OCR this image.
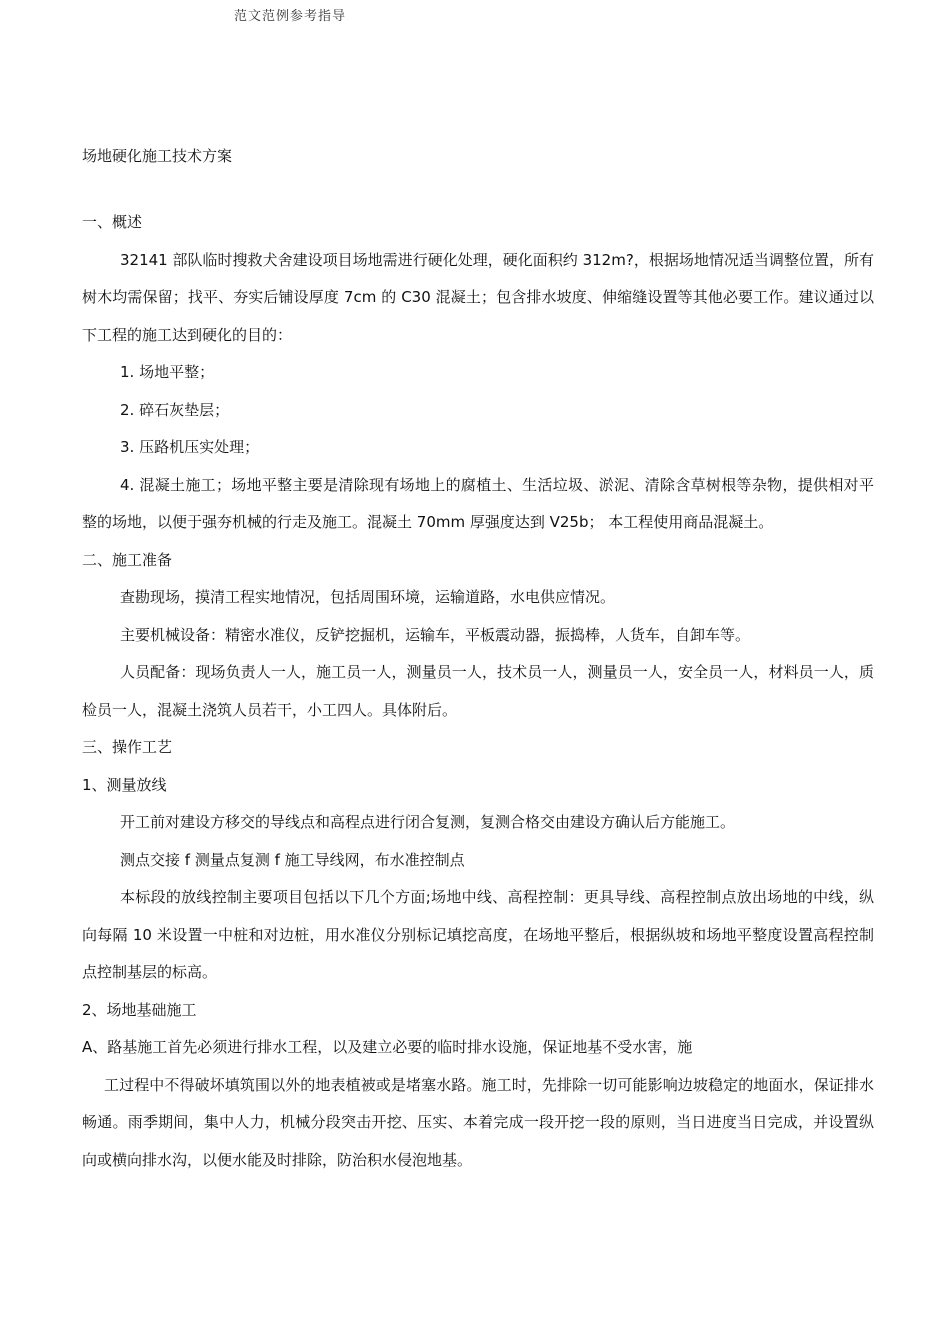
范文范例参考指导
场地硬化施工技术方案

一、概述

32141 部队临时搜救犬舍建设项目场地需进行硬化处理，硬化面积约 312m?，根据场地情况适当调整位置，所有树木均需保留；找平、夯实后铺设厚度 7cm 的 C30 混凝土；包含排水坡度、伸缩缝设置等其他必要工作。建议通过以下工程的施工达到硬化的目的：

1. 场地平整；

2. 碎石灰垫层；

3. 压路机压实处理；

4. 混凝土施工；场地平整主要是清除现有场地上的腐植土、生活垃圾、淤泥、清除含草树根等杂物，提供相对平整的场地，以便于强夯机械的行走及施工。混凝土 70mm 厚强度达到 V25b； 本工程使用商品混凝土。

二、施工准备

查勘现场，摸清工程实地情况，包括周围环境，运输道路，水电供应情况。

主要机械设备：精密水准仪，反铲挖掘机，运输车，平板震动器，振捣棒，人货车，自卸车等。

人员配备：现场负责人一人，施工员一人，测量员一人，技术员一人，测量员一人，安全员一人，材料员一人，质检员一人，混凝土浇筑人员若干，小工四人。具体附后。

三、操作工艺

1、测量放线

开工前对建设方移交的导线点和高程点进行闭合复测，复测合格交由建设方确认后方能施工。

测点交接 f 测量点复测 f 施工导线网，布水准控制点

本标段的放线控制主要项目包括以下几个方面;场地中线、高程控制：更具导线、高程控制点放出场地的中线，纵向每隔 10 米设置一中桩和对边桩，用水准仪分别标记填挖高度，在场地平整后，根据纵坡和场地平整度设置高程控制点控制基层的标高。

2、场地基础施工

A、路基施工首先必须进行排水工程，以及建立必要的临时排水设施，保证地基不受水害，施

工过程中不得破坏填筑围以外的地表植被或是堵塞水路。施工时，先排除一切可能影响边坡稳定的地面水，保证排水畅通。雨季期间，集中人力，机械分段突击开挖、压实、本着完成一段开挖一段的原则，当日进度当日完成，并设置纵向或横向排水沟，以便水能及时排除，防治积水侵泡地基。
